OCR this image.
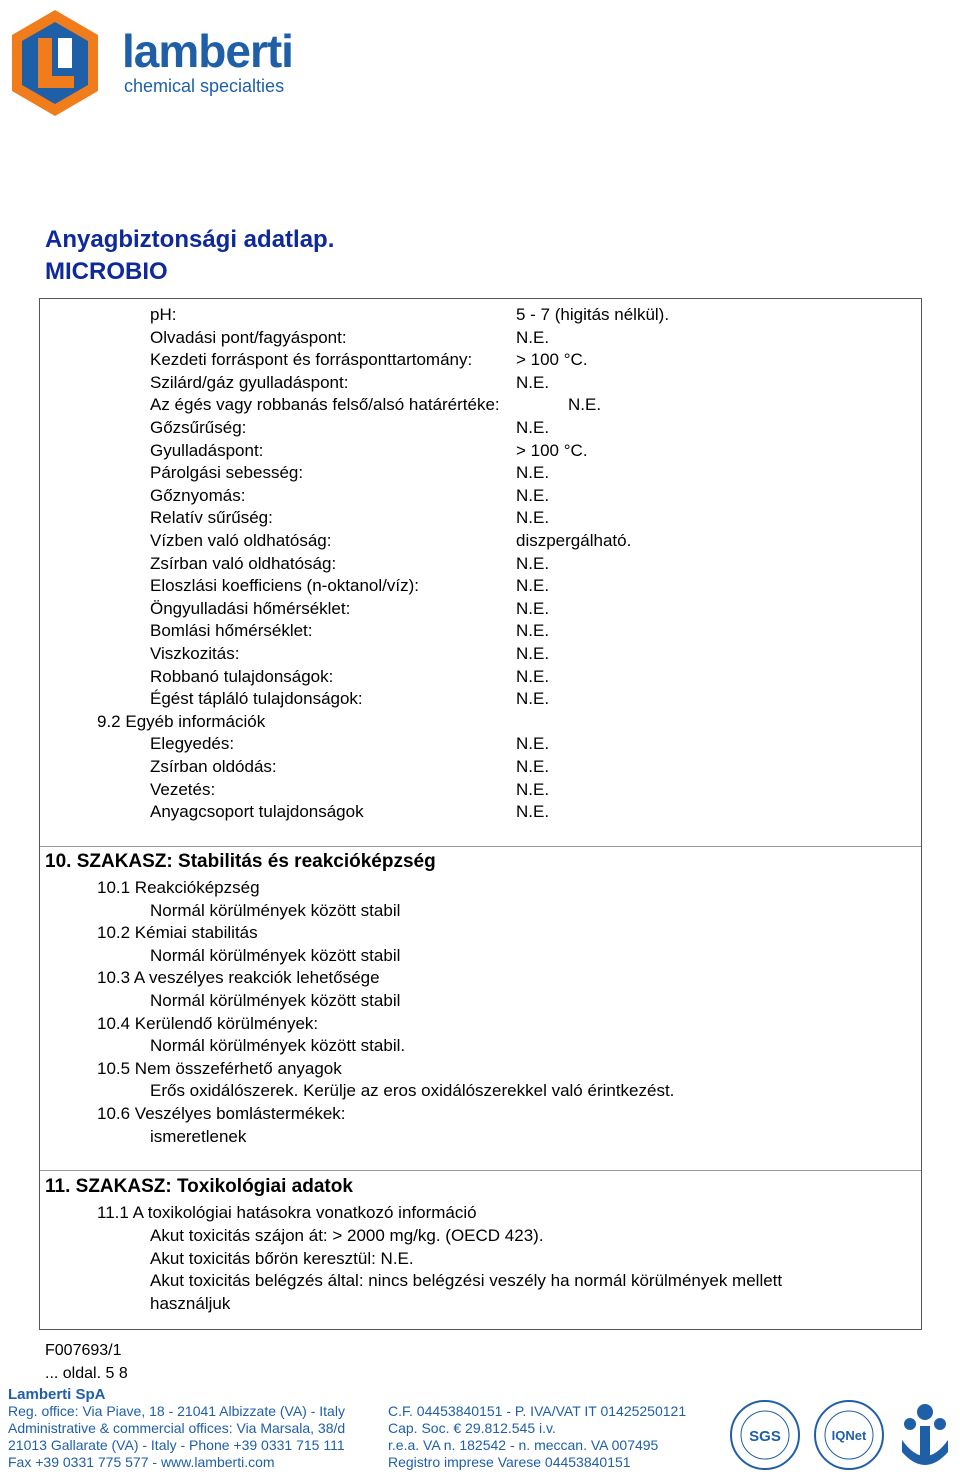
lamberti
chemical specialties
Anyagbiztonsági adatlap.
MICROBIO
pH:	5 - 7 (higitás nélkül).
Olvadási pont/fagyáspont:	N.E.
Kezdeti forráspont és forrásponttartomány:	> 100 °C.
Szilárd/gáz gyulladáspont:	N.E.
Az égés vagy robbanás felső/alsó határértéke:	N.E.
Gőzsűrűség:	N.E.
Gyulladáspont:	> 100 °C.
Párolgási sebesség:	N.E.
Gőznyomás:	N.E.
Relatív sűrűség:	N.E.
Vízben való oldhatóság:	diszpergálható.
Zsírban való oldhatóság:	N.E.
Eloszlási koefficiens (n-oktanol/víz):	N.E.
Öngyulladási hőmérséklet:	N.E.
Bomlási hőmérséklet:	N.E.
Viszkozitás:	N.E.
Robbanó tulajdonságok:	N.E.
Égést tápláló tulajdonságok:	N.E.
9.2 Egyéb információk
Elegyedés:	N.E.
Zsírban oldódás:	N.E.
Vezetés:	N.E.
Anyagcsoport tulajdonságok	N.E.
10. SZAKASZ: Stabilitás és reakcióképzség
10.1 Reakcióképzség
Normál körülmények között stabil
10.2 Kémiai stabilitás
Normál körülmények között stabil
10.3 A veszélyes reakciók lehetősége
Normál körülmények között stabil
10.4 Kerülendő körülmények:
Normál körülmények között stabil.
10.5 Nem összeférhető anyagok
Erős oxidálószerek. Kerülje az eros oxidálószerekkel való érintkezést.
10.6 Veszélyes bomlástermékek:
ismeretlenek
11. SZAKASZ: Toxikológiai adatok
11.1 A toxikológiai hatásokra vonatkozó információ
Akut toxicitás szájon át: > 2000 mg/kg. (OECD 423).
Akut toxicitás bőrön keresztül: N.E.
Akut toxicitás belégzés által: nincs belégzési veszély ha normál körülmények mellett
használjuk
F007693/1
... oldal. 5 8
Lamberti SpA
Reg. office: Via Piave, 18 - 21041 Albizzate (VA) - Italy
Administrative & commercial offices: Via Marsala, 38/d
21013 Gallarate (VA) - Italy - Phone +39 0331 715 111
Fax +39 0331 775 577 - www.lamberti.com
C.F. 04453840151 - P. IVA/VAT IT 01425250121
Cap. Soc. € 29.812.545 i.v.
r.e.a. VA n. 182542 - n. meccan. VA 007495
Registro imprese Varese 04453840151
SGS	IQNet
